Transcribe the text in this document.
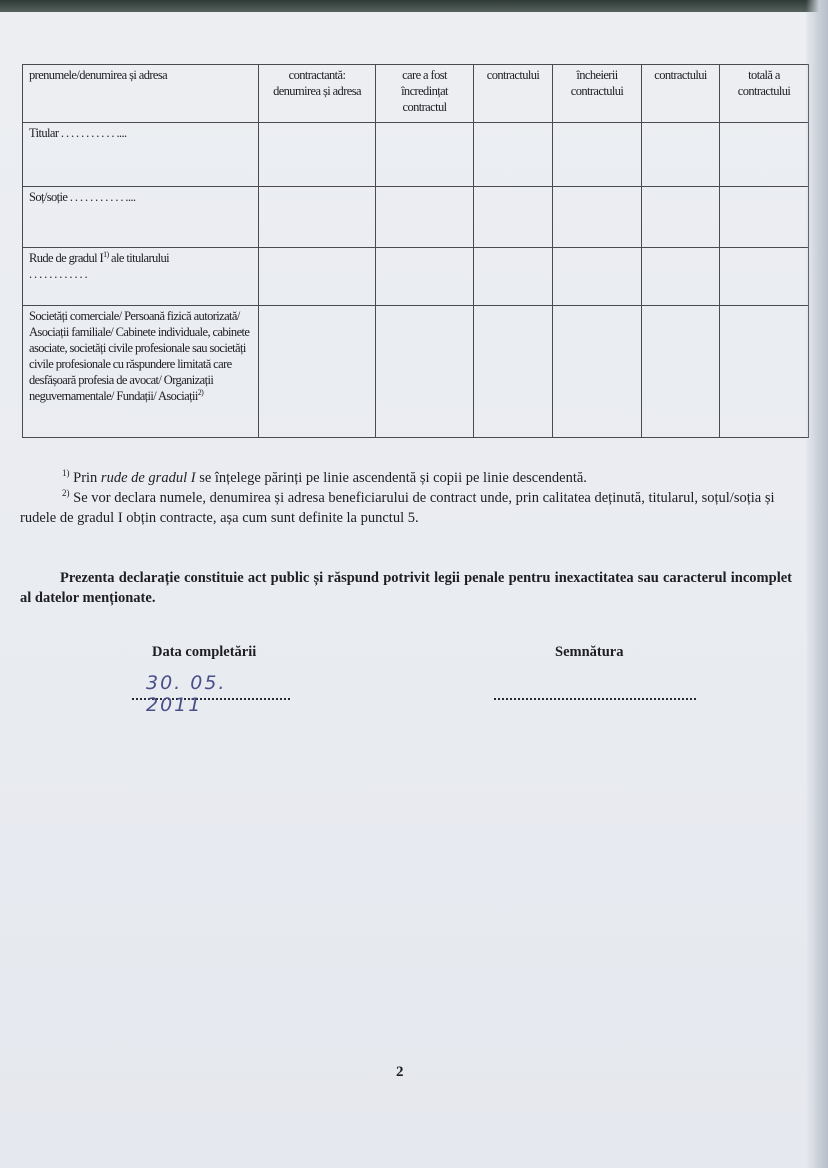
prenumele/denumirea și adresa	contractantă: denumirea și adresa	care a fost încredințat contractul	contractului	încheierii contractului	contractului	totală a contractului
Titular . . . . . . . . . . . ....						
Soț/soție . . . . . . . . . . . ....						
Rude de gradul $I^{1)}$ ale titularului
. . . . . . . . . . . .						
Societăți comerciale/ Persoană fizică autorizată/ Asociații familiale/ Cabinete individuale, cabinete asociate, societăți civile profesionale sau societăți civile profesionale cu răspundere limitată care desfășoară profesia de avocat/ Organizații neguvernamentale/ Fundații/ Asociații$^{2)}$						

$^{1)}$ Prin rude de gradul I se înțelege părinți pe linie ascendentă și copii pe linie descendentă.

$^{2)}$ Se vor declara numele, denumirea și adresa beneficiarului de contract unde, prin calitatea deținută, titularul, soțul/soția și rudele de gradul I obțin contracte, așa cum sunt definite la punctul 5.

Prezenta declarație constituie act public și răspund potrivit legii penale pentru inexactitatea sau caracterul incomplet al datelor menționate.
Data completării	Semnătura
30. 05. 2011
2
